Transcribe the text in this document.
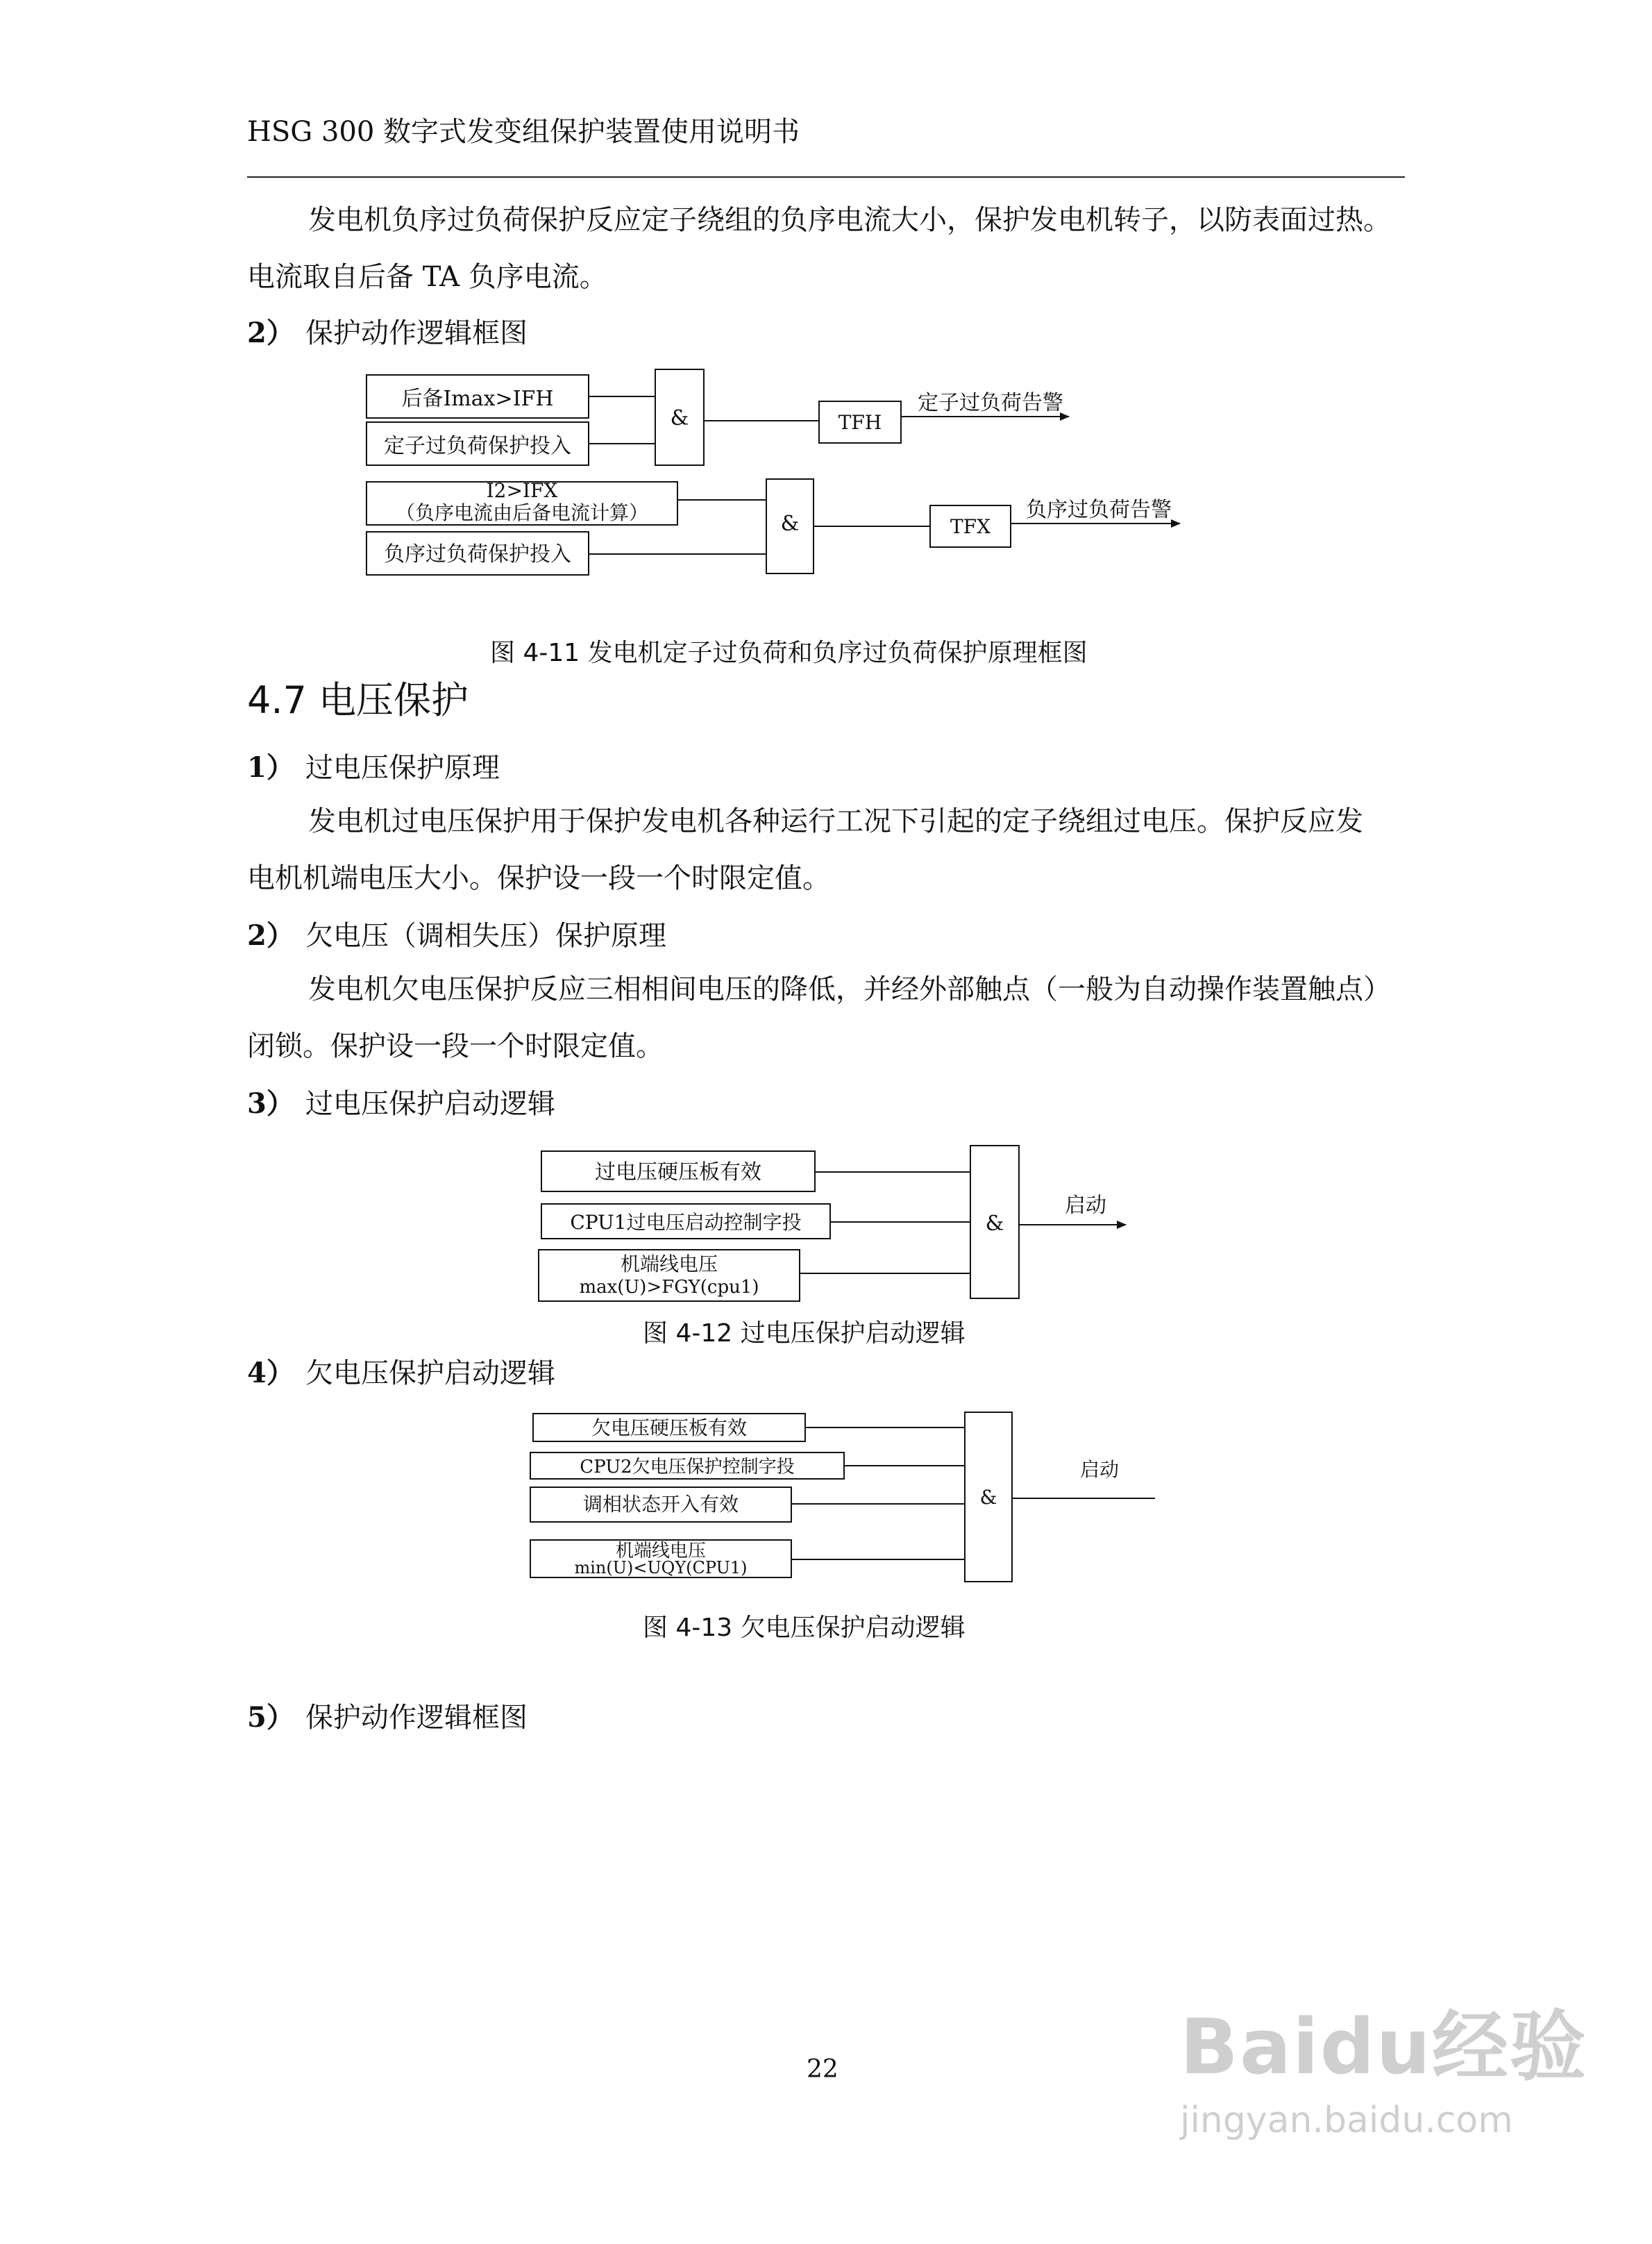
HSG 300 数字式发变组保护装置使用说明书
发电机负序过负荷保护反应定子绕组的负序电流大小，保护发电机转子，以防表面过热。
电流取自后备 TA 负序电流。
2） 保护动作逻辑框图
后备Imax>IFH
定子过负荷保护投入
&	TFH
定子过负荷告警
I2>IFX
（负序电流由后备电流计算）
负序过负荷保护投入
&	TFX
负序过负荷告警
过电压硬压板有效
CPU1过电压启动控制字投
机端线电压
max(U)>FGY(cpu1)
&
启动
欠电压硬压板有效
CPU2欠电压保护控制字投
调相状态开入有效
机端线电压
min(U)<UQY(CPU1)
&
启动
图 4-11 发电机定子过负荷和负序过负荷保护原理框图
4.7 电压保护
1） 过电压保护原理
发电机过电压保护用于保护发电机各种运行工况下引起的定子绕组过电压。保护反应发
电机机端电压大小。保护设一段一个时限定值。
2） 欠电压（调相失压）保护原理
发电机欠电压保护反应三相相间电压的降低，并经外部触点（一般为自动操作装置触点）
闭锁。保护设一段一个时限定值。
3） 过电压保护启动逻辑
图 4-12 过电压保护启动逻辑
4） 欠电压保护启动逻辑
图 4-13 欠电压保护启动逻辑
5） 保护动作逻辑框图
22	Baidu经验
jingyan.baidu.com
